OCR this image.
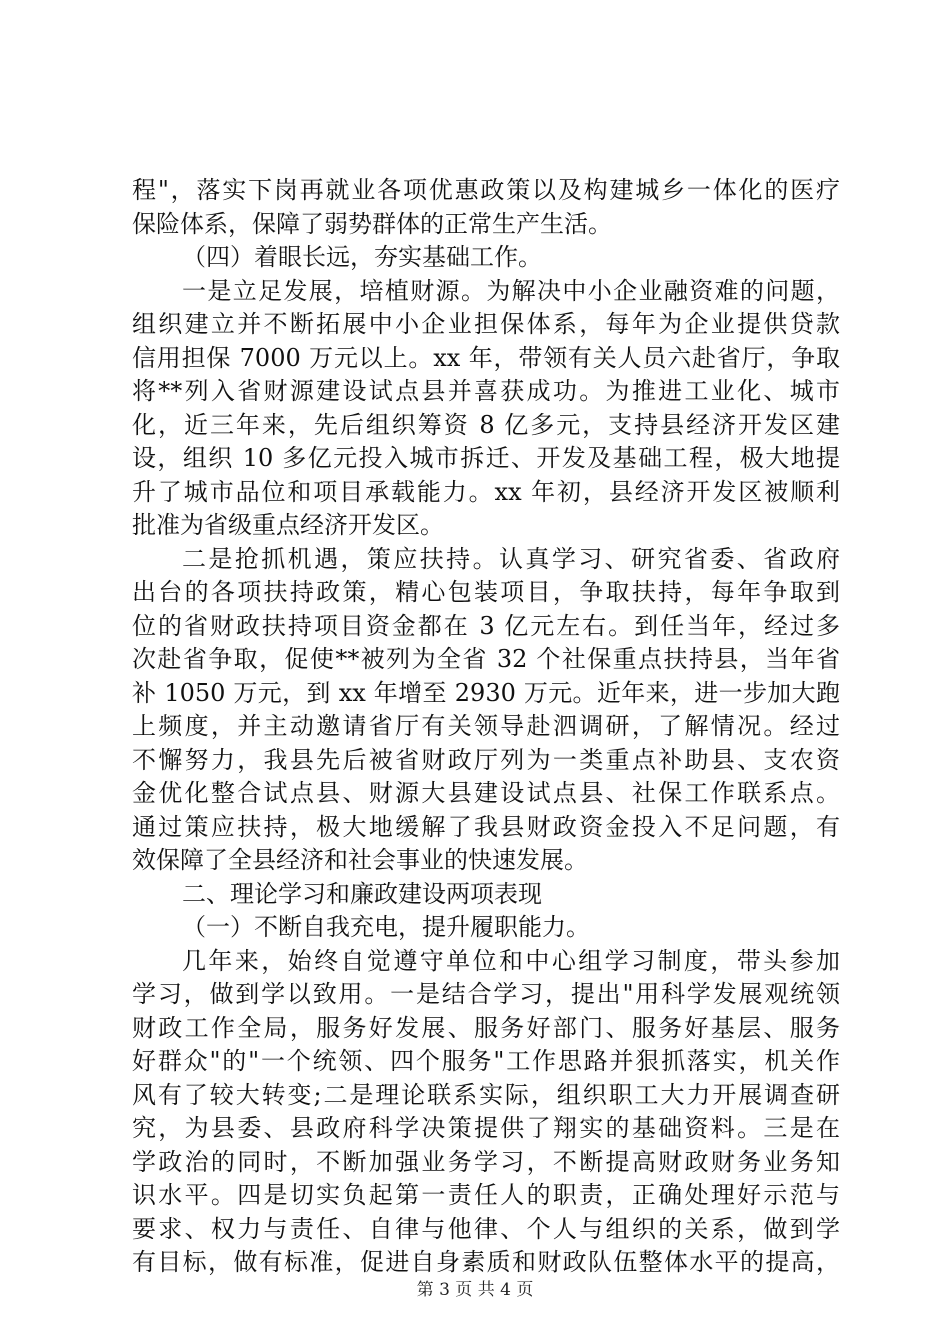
程"，落实下岗再就业各项优惠政策以及构建城乡一体化的医疗
保险体系，保障了弱势群体的正常生产生活。
（四）着眼长远，夯实基础工作。
一是立足发展，培植财源。为解决中小企业融资难的问题，
组织建立并不断拓展中小企业担保体系，每年为企业提供贷款
信用担保 7000 万元以上。xx 年，带领有关人员六赴省厅，争取
将**列入省财源建设试点县并喜获成功。为推进工业化、城市
化，近三年来，先后组织筹资 8 亿多元，支持县经济开发区建
设，组织 10 多亿元投入城市拆迁、开发及基础工程，极大地提
升了城市品位和项目承载能力。xx 年初，县经济开发区被顺利
批准为省级重点经济开发区。
二是抢抓机遇，策应扶持。认真学习、研究省委、省政府
出台的各项扶持政策，精心包装项目，争取扶持，每年争取到
位的省财政扶持项目资金都在 3 亿元左右。到任当年，经过多
次赴省争取，促使**被列为全省 32 个社保重点扶持县，当年省
补 1050 万元，到 xx 年增至 2930 万元。近年来，进一步加大跑
上频度，并主动邀请省厅有关领导赴泗调研，了解情况。经过
不懈努力，我县先后被省财政厅列为一类重点补助县、支农资
金优化整合试点县、财源大县建设试点县、社保工作联系点。
通过策应扶持，极大地缓解了我县财政资金投入不足问题，有
效保障了全县经济和社会事业的快速发展。
二、理论学习和廉政建设两项表现
（一）不断自我充电，提升履职能力。
几年来，始终自觉遵守单位和中心组学习制度，带头参加
学习，做到学以致用。一是结合学习，提出"用科学发展观统领
财政工作全局，服务好发展、服务好部门、服务好基层、服务
好群众"的"一个统领、四个服务"工作思路并狠抓落实，机关作
风有了较大转变;二是理论联系实际，组织职工大力开展调查研
究，为县委、县政府科学决策提供了翔实的基础资料。三是在
学政治的同时，不断加强业务学习，不断提高财政财务业务知
识水平。四是切实负起第一责任人的职责，正确处理好示范与
要求、权力与责任、自律与他律、个人与组织的关系，做到学
有目标，做有标准，促进自身素质和财政队伍整体水平的提高，
第 3 页 共 4 页
